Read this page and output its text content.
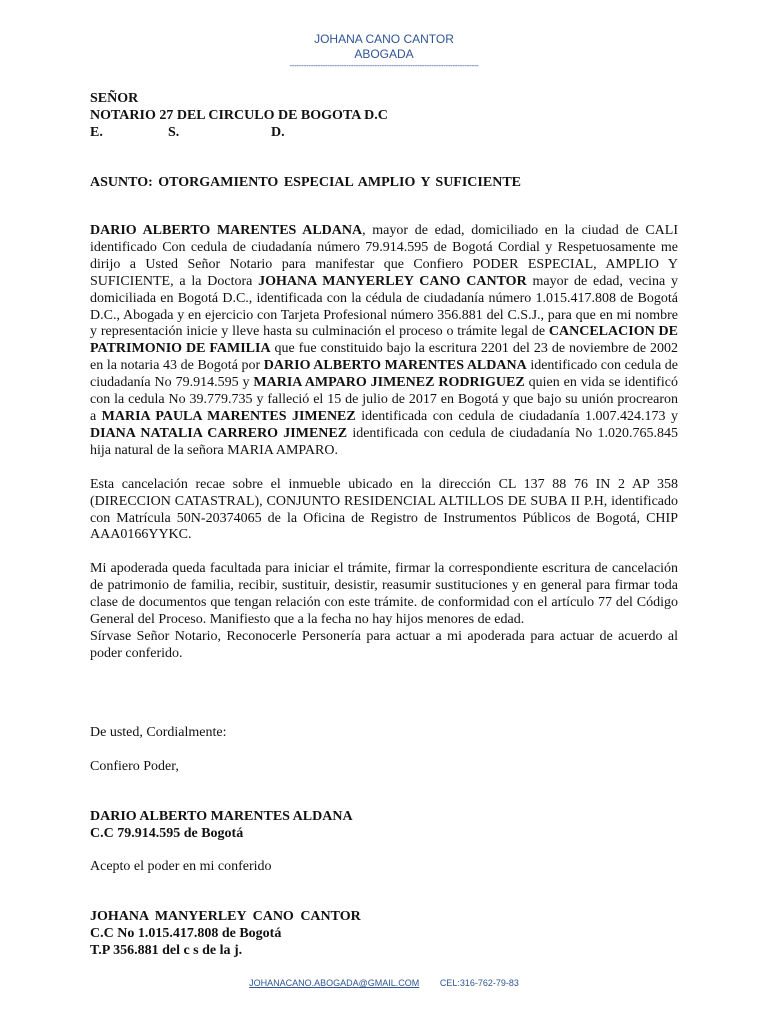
JOHANA CANO CANTOR
ABOGADA
--------------------------------------------------------------------------------
SEÑOR
NOTARIO 27 DEL CIRCULO DE BOGOTA D.C
E.	S.	D.
ASUNTO: OTORGAMIENTO ESPECIAL AMPLIO Y SUFICIENTE

DARIO ALBERTO MARENTES ALDANA, mayor de edad, domiciliado en la ciudad de CALI identificado Con cedula de ciudadanía número 79.914.595 de Bogotá Cordial y Respetuosamente me dirijo a Usted Señor Notario para manifestar que Confiero PODER ESPECIAL, AMPLIO Y SUFICIENTE, a la Doctora JOHANA MANYERLEY CANO CANTOR mayor de edad, vecina y domiciliada en Bogotá D.C., identificada con la cédula de ciudadanía número 1.015.417.808 de Bogotá D.C., Abogada y en ejercicio con Tarjeta Profesional número 356.881 del C.S.J., para que en mi nombre y representación inicie y lleve hasta su culminación el proceso o trámite legal de CANCELACION DE PATRIMONIO DE FAMILIA que fue constituido bajo la escritura 2201 del 23 de noviembre de 2002 en la notaria 43 de Bogotá por DARIO ALBERTO MARENTES ALDANA identificado con cedula de ciudadanía No 79.914.595 y MARIA AMPARO JIMENEZ RODRIGUEZ quien en vida se identificó con la cedula No 39.779.735 y falleció el 15 de julio de 2017 en Bogotá y que bajo su unión procrearon a MARIA PAULA MARENTES JIMENEZ identificada con cedula de ciudadanía 1.007.424.173 y DIANA NATALIA CARRERO JIMENEZ identificada con cedula de ciudadanía No 1.020.765.845 hija natural de la señora MARIA AMPARO.

Esta cancelación recae sobre el inmueble ubicado en la dirección CL 137 88 76 IN 2 AP 358 (DIRECCION CATASTRAL), CONJUNTO RESIDENCIAL ALTILLOS DE SUBA II P.H, identificado con Matrícula 50N-20374065 de la Oficina de Registro de Instrumentos Públicos de Bogotá, CHIP AAA0166YYKC.

Mi apoderada queda facultada para iniciar el trámite, firmar la correspondiente escritura de cancelación de patrimonio de familia, recibir, sustituir, desistir, reasumir sustituciones y en general para firmar toda clase de documentos que tengan relación con este trámite. de conformidad con el artículo 77 del Código General del Proceso. Manifiesto que a la fecha no hay hijos menores de edad.

Sírvase Señor Notario, Reconocerle Personería para actuar a mi apoderada para actuar de acuerdo al poder conferido.

De usted, Cordialmente:
Confiero Poder,
DARIO ALBERTO MARENTES ALDANA
C.C 79.914.595 de Bogotá
Acepto el poder en mi conferido
JOHANA MANYERLEY CANO CANTOR
C.C No 1.015.417.808 de Bogotá
T.P 356.881 del c s de la j.
JOHANACANO.ABOGADA@GMAIL.COM CEL:316-762-79-83
